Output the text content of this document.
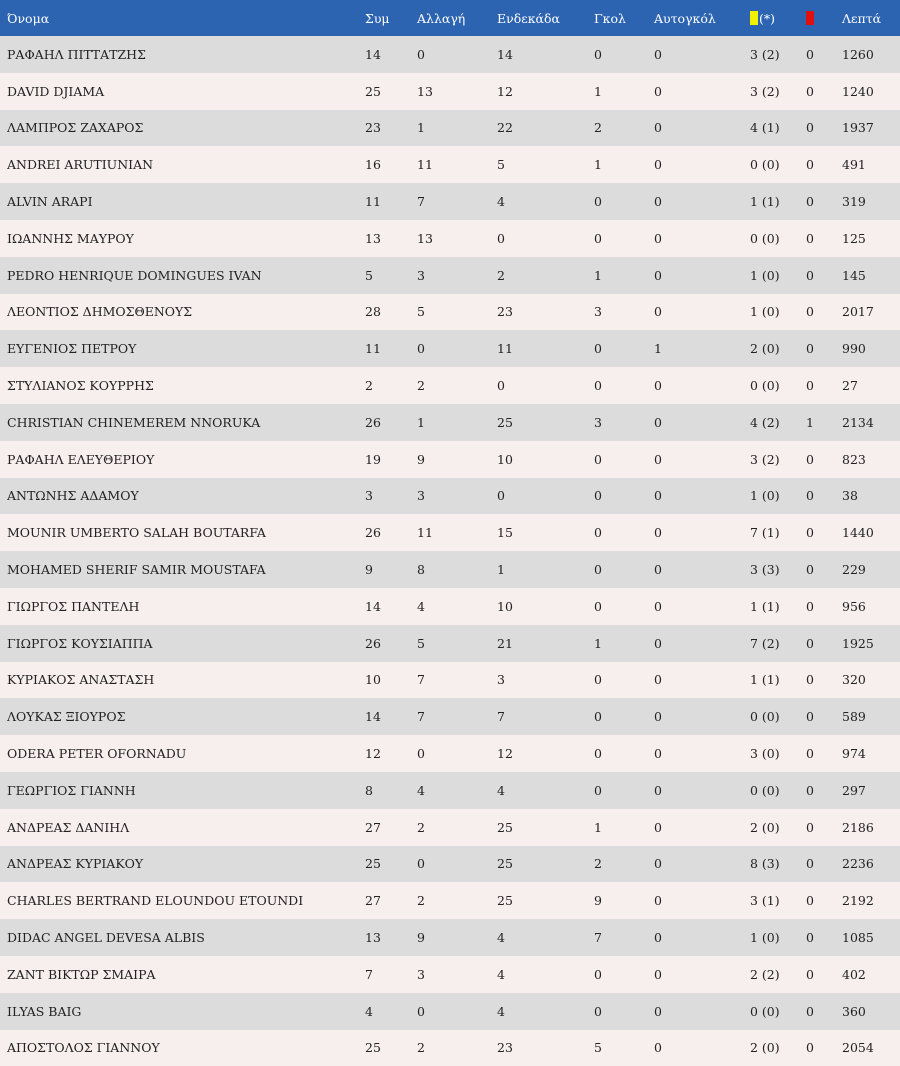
Όνομα	Συμ	Αλλαγή	Ενδεκάδα	Γκολ	Αυτογκόλ	(*)		Λεπτά
ΡΑΦΑΗΛ ΠΙΤΤΑΤΖΗΣ	14	0	14	0	0	3 (2)	0	1260
DAVID DJIAMA	25	13	12	1	0	3 (2)	0	1240
ΛΑΜΠΡΟΣ ΖΑΧΑΡΟΣ	23	1	22	2	0	4 (1)	0	1937
ANDREI ARUTIUNIAN	16	11	5	1	0	0 (0)	0	491
ALVIN ARAPI	11	7	4	0	0	1 (1)	0	319
ΙΩΑΝΝΗΣ ΜΑΥΡΟΥ	13	13	0	0	0	0 (0)	0	125
PEDRO HENRIQUE DOMINGUES IVAN	5	3	2	1	0	1 (0)	0	145
ΛΕΟΝΤΙΟΣ ΔΗΜΟΣΘΕΝΟΥΣ	28	5	23	3	0	1 (0)	0	2017
ΕΥΓΕΝΙΟΣ ΠΕΤΡΟΥ	11	0	11	0	1	2 (0)	0	990
ΣΤΥΛΙΑΝΟΣ ΚΟΥΡΡΗΣ	2	2	0	0	0	0 (0)	0	27
CHRISTIAN CHINEMEREM NNORUKA	26	1	25	3	0	4 (2)	1	2134
ΡΑΦΑΗΛ ΕΛΕΥΘΕΡΙΟΥ	19	9	10	0	0	3 (2)	0	823
ΑΝΤΩΝΗΣ ΑΔΑΜΟΥ	3	3	0	0	0	1 (0)	0	38
MOUNIR UMBERTO SALAH BOUTARFA	26	11	15	0	0	7 (1)	0	1440
MOHAMED SHERIF SAMIR MOUSTAFA	9	8	1	0	0	3 (3)	0	229
ΓΙΩΡΓΟΣ ΠΑΝΤΕΛΗ	14	4	10	0	0	1 (1)	0	956
ΓΙΩΡΓΟΣ ΚΟΥΣΙΑΠΠΑ	26	5	21	1	0	7 (2)	0	1925
ΚΥΡΙΑΚΟΣ ΑΝΑΣΤΑΣΗ	10	7	3	0	0	1 (1)	0	320
ΛΟΥΚΑΣ ΞΙΟΥΡΟΣ	14	7	7	0	0	0 (0)	0	589
ODERA PETER OFORNADU	12	0	12	0	0	3 (0)	0	974
ΓΕΩΡΓΙΟΣ ΓΙΑΝΝΗ	8	4	4	0	0	0 (0)	0	297
ΑΝΔΡΕΑΣ ΔΑΝΙΗΛ	27	2	25	1	0	2 (0)	0	2186
ΑΝΔΡΕΑΣ ΚΥΡΙΑΚΟΥ	25	0	25	2	0	8 (3)	0	2236
CHARLES BERTRAND ELOUNDOU ETOUNDI	27	2	25	9	0	3 (1)	0	2192
DIDAC ANGEL DEVESA ALBIS	13	9	4	7	0	1 (0)	0	1085
ΖΑΝΤ ΒΙΚΤΩΡ ΣΜΑΙΡΑ	7	3	4	0	0	2 (2)	0	402
ILYAS BAIG	4	0	4	0	0	0 (0)	0	360
ΑΠΟΣΤΟΛΟΣ ΓΙΑΝΝΟΥ	25	2	23	5	0	2 (0)	0	2054
